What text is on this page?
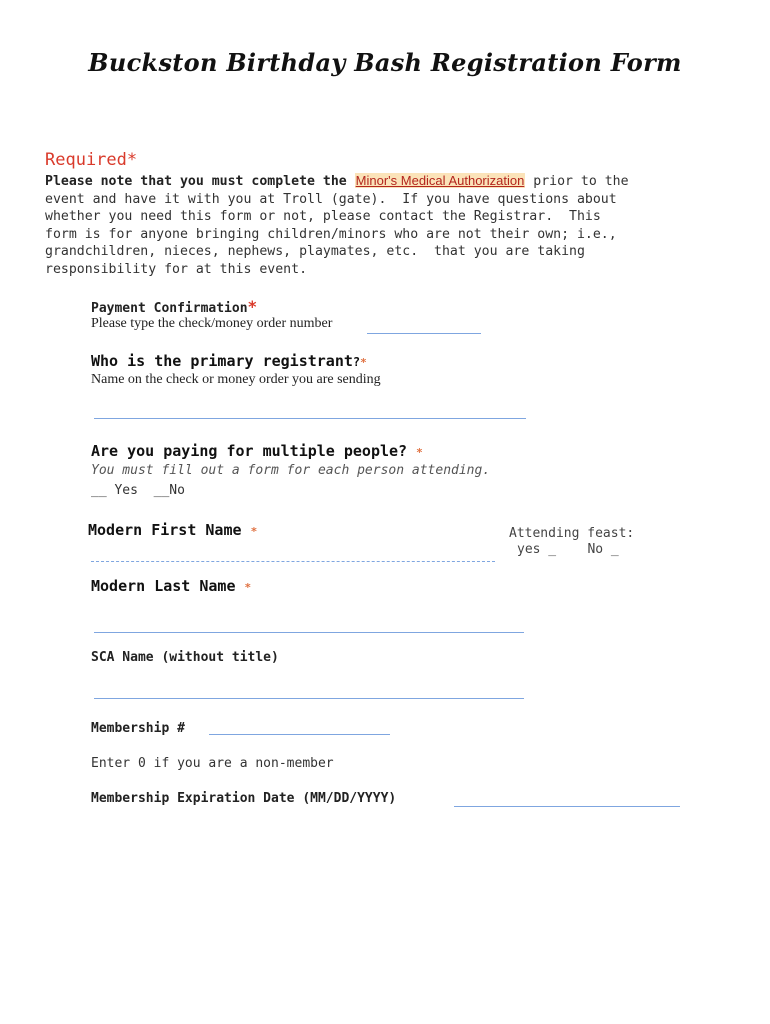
Buckston Birthday Bash Registration Form
Required*
Please note that you must complete the Minor's Medical Authorization prior to the
event and have it with you at Troll (gate).  If you have questions about
whether you need this form or not, please contact the Registrar.  This
form is for anyone bringing children/minors who are not their own; i.e.,
grandchildren, nieces, nephews, playmates, etc.  that you are taking
responsibility for at this event.
Payment Confirmation*
Please type the check/money order number
Who is the primary registrant?*
Name on the check or money order you are sending
Are you paying for multiple people? *
You must fill out a form for each person attending.
__ Yes  __No
Modern First Name *	Attending feast:
yes _    No _
Modern Last Name *
SCA Name (without title)
Membership #
Enter 0 if you are a non-member
Membership Expiration Date (MM/DD/YYYY)
